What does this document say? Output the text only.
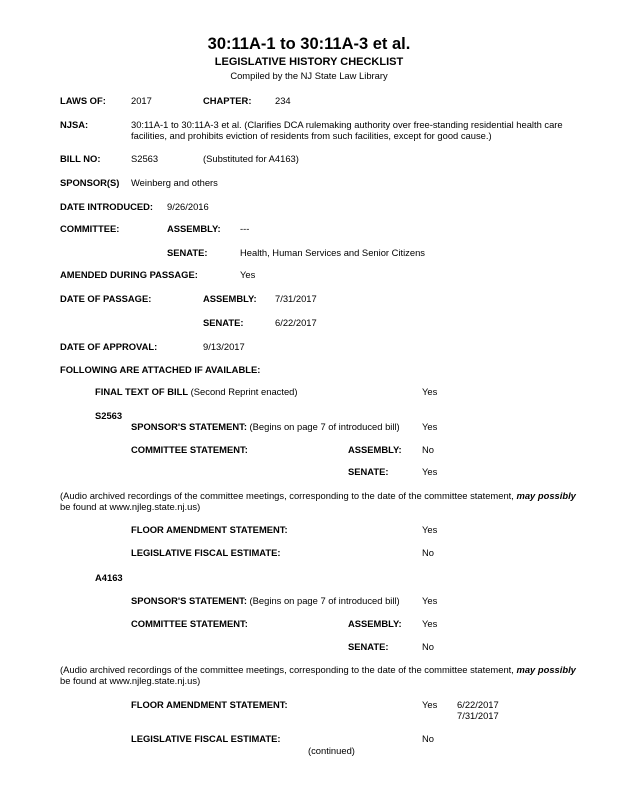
30:11A-1 to 30:11A-3 et al.
LEGISLATIVE HISTORY CHECKLIST
Compiled by the NJ State Law Library
LAWS OF:	2017	CHAPTER:	234
NJSA:	30:11A-1 to 30:11A-3 et al. (Clarifies DCA rulemaking authority over free-standing residential health care
facilities, and prohibits eviction of residents from such facilities, except for good cause.)
BILL NO:	S2563	(Substituted for A4163)
SPONSOR(S) Weinberg and others
DATE INTRODUCED: 9/26/2016
COMMITTEE:	ASSEMBLY: ---
SENATE:	Health, Human Services and Senior Citizens
AMENDED DURING PASSAGE:	Yes
DATE OF PASSAGE:	ASSEMBLY: 7/31/2017
SENATE:	6/22/2017
DATE OF APPROVAL:	9/13/2017
FOLLOWING ARE ATTACHED IF AVAILABLE:
FINAL TEXT OF BILL (Second Reprint enacted)	Yes
S2563
SPONSOR'S STATEMENT: (Begins on page 7 of introduced bill) Yes
COMMITTEE STATEMENT:	ASSEMBLY: No
SENATE:	Yes
(Audio archived recordings of the committee meetings, corresponding to the date of the committee statement, may possibly
be found at www.njleg.state.nj.us)
FLOOR AMENDMENT STATEMENT:	Yes
LEGISLATIVE FISCAL ESTIMATE:	No
A4163
SPONSOR'S STATEMENT: (Begins on page 7 of introduced bill) Yes
COMMITTEE STATEMENT:	ASSEMBLY: Yes
SENATE:	No
(Audio archived recordings of the committee meetings, corresponding to the date of the committee statement, may possibly
be found at www.njleg.state.nj.us)
FLOOR AMENDMENT STATEMENT:	Yes 6/22/2017
7/31/2017
LEGISLATIVE FISCAL ESTIMATE:	No
(continued)
